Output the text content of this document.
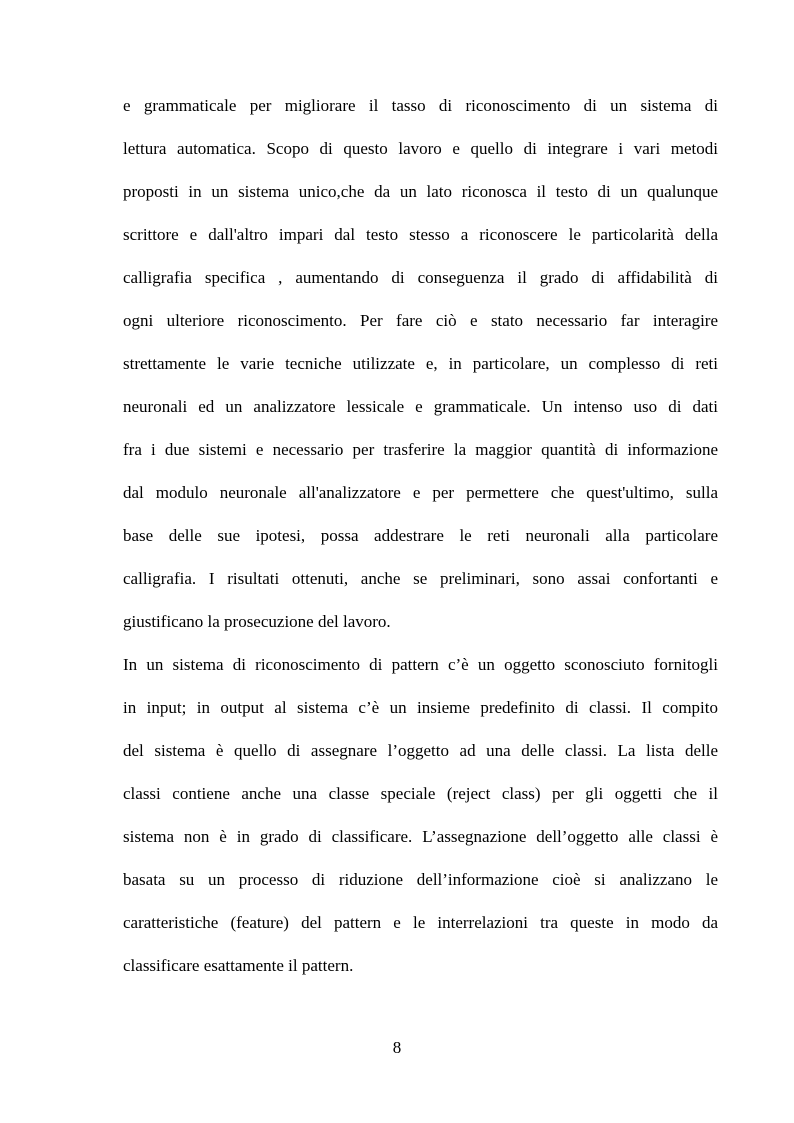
e grammaticale per migliorare il tasso di riconoscimento di un sistema di
lettura automatica. Scopo di questo lavoro e quello di integrare i vari metodi
proposti in un sistema unico,che da un lato riconosca il testo di un qualunque
scrittore e dall'altro impari dal testo stesso a riconoscere le particolarità della
calligrafia specifica , aumentando di conseguenza il grado di affidabilità di
ogni ulteriore riconoscimento. Per fare ciò e stato necessario far interagire
strettamente le varie tecniche utilizzate e, in particolare, un complesso di reti
neuronali ed un analizzatore lessicale e grammaticale. Un intenso uso di dati
fra i due sistemi e necessario per trasferire la maggior quantità di informazione
dal modulo neuronale all'analizzatore e per permettere che quest'ultimo, sulla
base delle sue ipotesi, possa addestrare le reti neuronali alla particolare
calligrafia. I risultati ottenuti, anche se preliminari, sono assai confortanti e
giustificano la prosecuzione del lavoro.
In un sistema di riconoscimento di pattern c’è un oggetto sconosciuto fornitogli
in input; in output al sistema c’è un insieme predefinito di classi. Il compito
del sistema è quello di assegnare l’oggetto ad una delle classi. La lista delle
classi contiene anche una classe speciale (reject class) per gli oggetti che il
sistema non è in grado di classificare. L’assegnazione dell’oggetto alle classi è
basata su un processo di riduzione dell’informazione cioè si analizzano le
caratteristiche (feature) del pattern e le interrelazioni tra queste in modo da
classificare esattamente il pattern.
8
